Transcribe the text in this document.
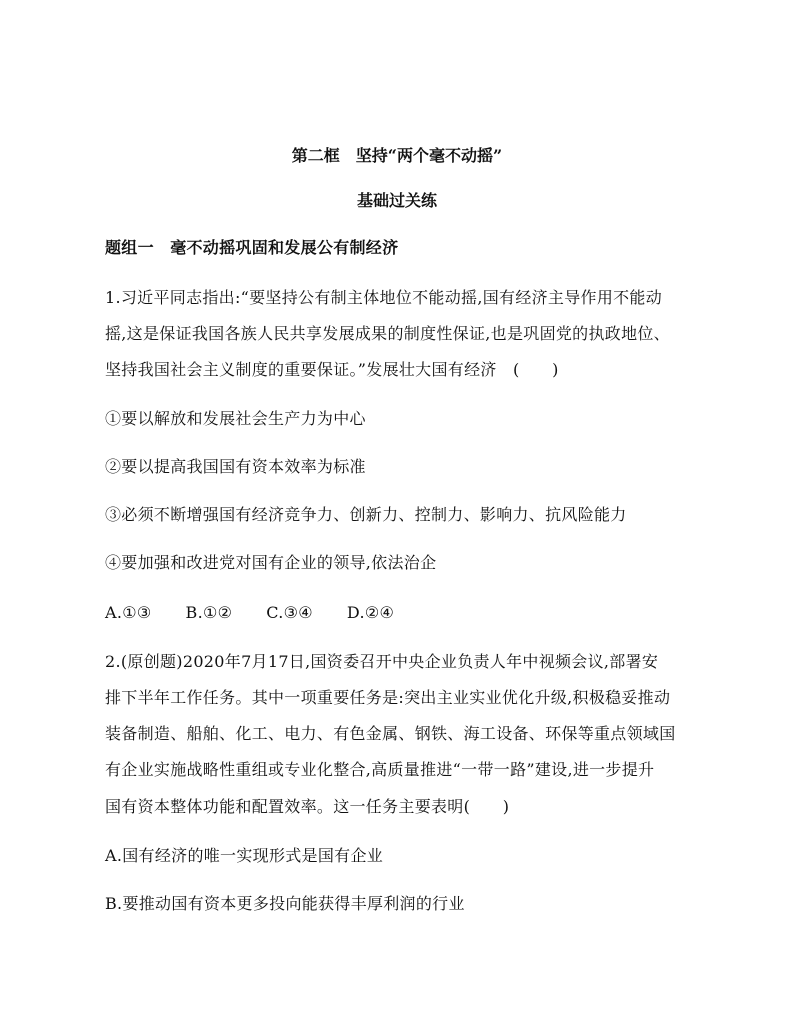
第二框　坚持“两个毫不动摇”
基础过关练
题组一　毫不动摇巩固和发展公有制经济
1.习近平同志指出:“要坚持公有制主体地位不能动摇,国有经济主导作用不能动
摇,这是保证我国各族人民共享发展成果的制度性保证,也是巩固党的执政地位、
坚持我国社会主义制度的重要保证。”发展壮大国有经济　(　　)
①要以解放和发展社会生产力为中心
②要以提高我国国有资本效率为标准
③必须不断增强国有经济竞争力、创新力、控制力、影响力、抗风险能力
④要加强和改进党对国有企业的领导,依法治企
A.①③ B.①② C.③④ D.②④
2.(原创题)2020年7月17日,国资委召开中央企业负责人年中视频会议,部署安
排下半年工作任务。其中一项重要任务是:突出主业实业优化升级,积极稳妥推动
装备制造、船舶、化工、电力、有色金属、钢铁、海工设备、环保等重点领域国
有企业实施战略性重组或专业化整合,高质量推进“一带一路”建设,进一步提升
国有资本整体功能和配置效率。这一任务主要表明(　　)
A.国有经济的唯一实现形式是国有企业
B.要推动国有资本更多投向能获得丰厚利润的行业
